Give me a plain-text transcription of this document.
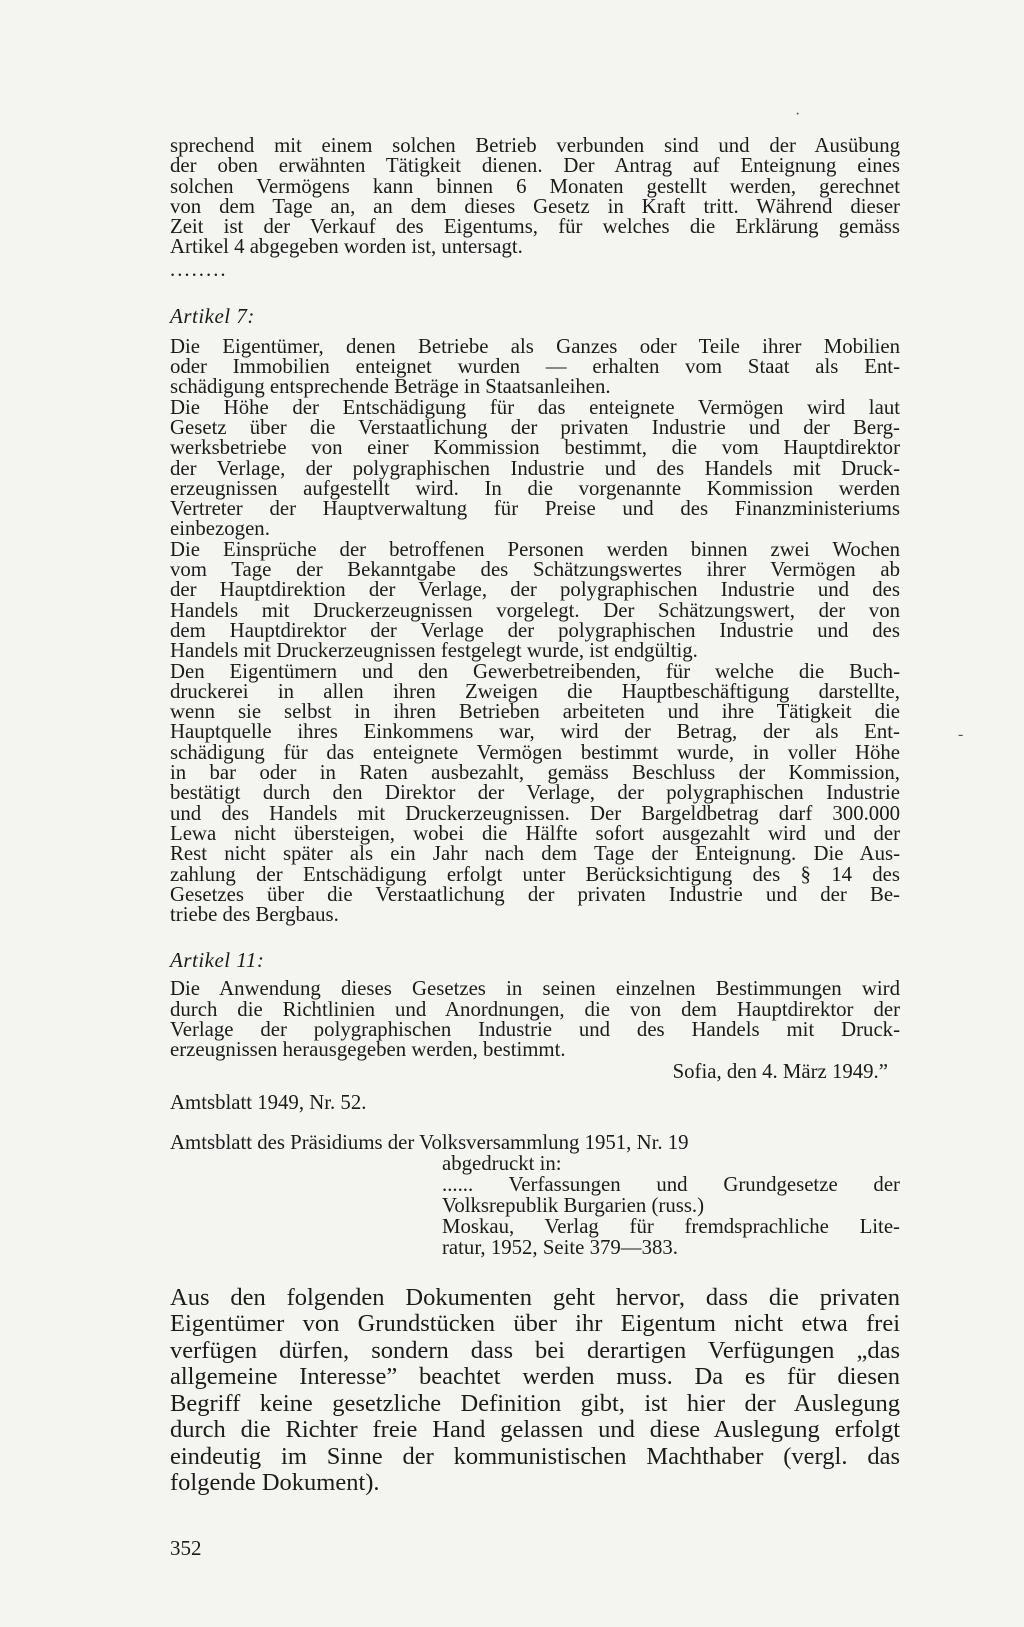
sprechend mit einem solchen Betrieb verbunden sind und der Ausübung
der oben erwähnten Tätigkeit dienen. Der Antrag auf Enteignung eines
solchen Vermögens kann binnen 6 Monaten gestellt werden, gerechnet
von dem Tage an, an dem dieses Gesetz in Kraft tritt. Während dieser
Zeit ist der Verkauf des Eigentums, für welches die Erklärung gemäss
Artikel 4 abgegeben worden ist, untersagt.
........
Artikel 7:
Die Eigentümer, denen Betriebe als Ganzes oder Teile ihrer Mobilien
oder Immobilien enteignet wurden — erhalten vom Staat als Ent-
schädigung entsprechende Beträge in Staatsanleihen.
Die Höhe der Entschädigung für das enteignete Vermögen wird laut
Gesetz über die Verstaatlichung der privaten Industrie und der Berg-
werksbetriebe von einer Kommission bestimmt, die vom Hauptdirektor
der Verlage, der polygraphischen Industrie und des Handels mit Druck-
erzeugnissen aufgestellt wird. In die vorgenannte Kommission werden
Vertreter der Hauptverwaltung für Preise und des Finanzministeriums
einbezogen.
Die Einsprüche der betroffenen Personen werden binnen zwei Wochen
vom Tage der Bekanntgabe des Schätzungswertes ihrer Vermögen ab
der Hauptdirektion der Verlage, der polygraphischen Industrie und des
Handels mit Druckerzeugnissen vorgelegt. Der Schätzungswert, der von
dem Hauptdirektor der Verlage der polygraphischen Industrie und des
Handels mit Druckerzeugnissen festgelegt wurde, ist endgültig.
Den Eigentümern und den Gewerbetreibenden, für welche die Buch-
druckerei in allen ihren Zweigen die Hauptbeschäftigung darstellte,
wenn sie selbst in ihren Betrieben arbeiteten und ihre Tätigkeit die
Hauptquelle ihres Einkommens war, wird der Betrag, der als Ent-
schädigung für das enteignete Vermögen bestimmt wurde, in voller Höhe
in bar oder in Raten ausbezahlt, gemäss Beschluss der Kommission,
bestätigt durch den Direktor der Verlage, der polygraphischen Industrie
und des Handels mit Druckerzeugnissen. Der Bargeldbetrag darf 300.000
Lewa nicht übersteigen, wobei die Hälfte sofort ausgezahlt wird und der
Rest nicht später als ein Jahr nach dem Tage der Enteignung. Die Aus-
zahlung der Entschädigung erfolgt unter Berücksichtigung des § 14 des
Gesetzes über die Verstaatlichung der privaten Industrie und der Be-
triebe des Bergbaus.
Artikel 11:
Die Anwendung dieses Gesetzes in seinen einzelnen Bestimmungen wird
durch die Richtlinien und Anordnungen, die von dem Hauptdirektor der
Verlage der polygraphischen Industrie und des Handels mit Druck-
erzeugnissen herausgegeben werden, bestimmt.
Sofia, den 4. März 1949.”
Amtsblatt 1949, Nr. 52.
Amtsblatt des Präsidiums der Volksversammlung 1951, Nr. 19
abgedruckt in:
...... Verfassungen und Grundgesetze der
Volksrepublik Burgarien (russ.)
Moskau, Verlag für fremdsprachliche Lite-
ratur, 1952, Seite 379—383.
Aus den folgenden Dokumenten geht hervor, dass die privaten
Eigentümer von Grundstücken über ihr Eigentum nicht etwa frei
verfügen dürfen, sondern dass bei derartigen Verfügungen „das
allgemeine Interesse” beachtet werden muss. Da es für diesen
Begriff keine gesetzliche Definition gibt, ist hier der Auslegung
durch die Richter freie Hand gelassen und diese Auslegung erfolgt
eindeutig im Sinne der kommunistischen Machthaber (vergl. das
folgende Dokument).
352
·
-
